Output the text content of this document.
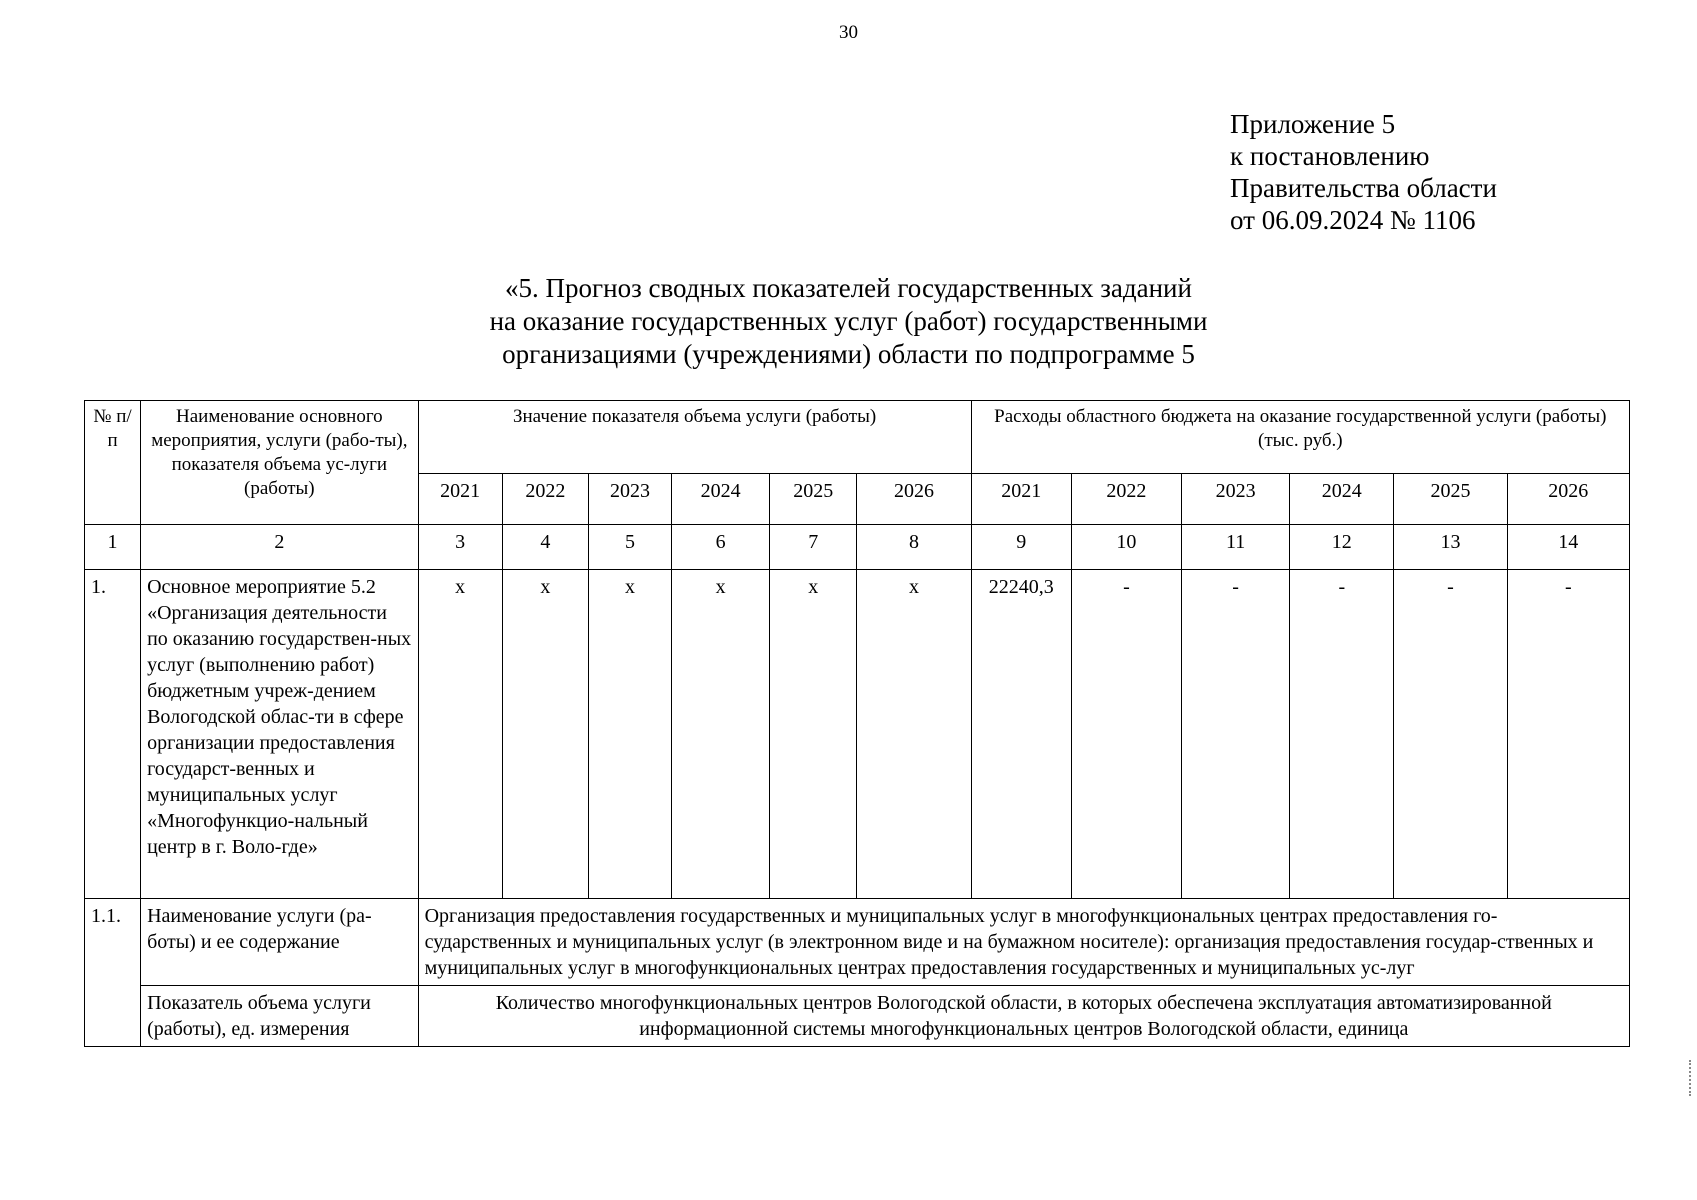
30
Приложение 5
к постановлению
Правительства области
от 06.09.2024 № 1106
«5. Прогноз сводных показателей государственных заданий
на оказание государственных услуг (работ) государственными
организациями (учреждениями) области по подпрограмме 5
№ п/п	Наименование основного мероприятия, услуги (рабо-ты), показателя объема ус-луги (работы)	Значение показателя объема услуги (работы)						Расходы областного бюджета на оказание государственной услуги (работы) (тыс. руб.)					
		2021	2022	2023	2024	2025	2026	2021	2022	2023	2024	2025	2026
1	2	3	4	5	6	7	8	9	10	11	12	13	14
1.	Основное мероприятие 5.2 «Организация деятельности по оказанию государствен-ных услуг (выполнению работ) бюджетным учреж-дением Вологодской облас-ти в сфере организации предоставления государст-венных и муниципальных услуг «Многофункцио-нальный центр в г. Воло-где»	x	x	x	x	x	x	22240,3	-	-	-	-	-
1.1.	Наименование услуги (ра-боты) и ее содержание	Организация предоставления государственных и муниципальных услуг в многофункциональных центрах предоставления го-сударственных и муниципальных услуг (в электронном виде и на бумажном носителе): организация предоставления государ-ственных и муниципальных услуг в многофункциональных центрах предоставления государственных и муниципальных ус-луг											
	Показатель объема услуги (работы), ед. измерения	Количество многофункциональных центров Вологодской области, в которых обеспечена эксплуатация автоматизированной информационной системы многофункциональных центров Вологодской области, единица											
